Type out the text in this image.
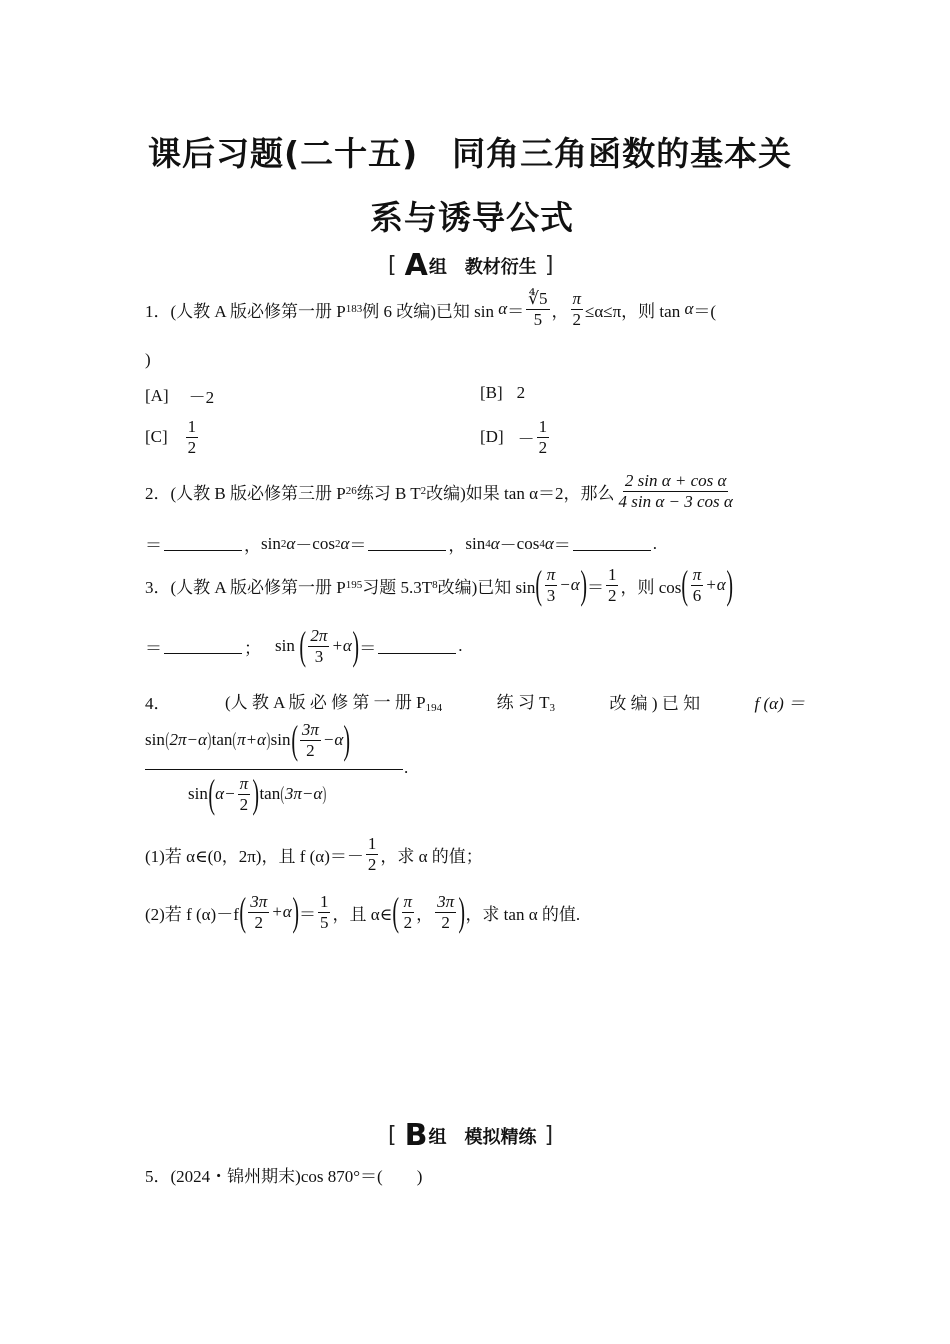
课后习题(二十五)　同角三角函数的基本关
系与诱导公式
[ A 组 教材衍生 ]
1． (人教 A 版必修第一册 P 183 例 6 改编)已知 sin
$\alpha = \frac{∜5}{5}$ ， $\frac{\pi}{2} \le\alpha\le\pi$，则 tan
α ＝(
)
[A] －2	[B] 2
$[C] \frac{1}{2}$	$[D] - \frac{1}{2}$
2． (人教 B 版必修第三册 P 26 练习 B T 2 改编)如果 tan α＝2，那么 $\frac{\text{2 sin α + cos α}}{\text{4 sin α − 3 cos α}}$
＝	， sin 2 α － cos 2 α ＝	， sin 4 α － cos 4 α ＝	.
3． (人教 A 版必修第一册 P 195 习题 5.3T 8 改编)已知 sin ( $\frac{\pi}{3} -\alpha$ ) ＝ $\frac{1}{2}$ ，则 cos ( $\frac{\pi}{6} +\alpha$ )
＝	； sin
( $\frac{2\pi}{3} +\alpha$ ) ＝	.
4．	(人 教 A 版 必 修 第 一 册 $P_{194}$	练 习 $T_3$	改 编 ) 已 知	f (α) ＝
sin ( 2π−α ) tan ( π+α ) sin ( $\frac{3\pi}{2} -\alpha$ )
.
sin ( $\alpha- \frac{\pi}{2}$ ) tan ( 3π−α )
(1)若 α∈(0，2π)，且 f $(\alpha)=- \frac{1}{2}$ ，求 α 的值；
(2)若 f (α)－f ( $\frac{3\pi}{2} +\alpha$ ) ＝ $\frac{1}{5}$ ，且 α∈ ( $\frac{\pi}{2}$ ， $\frac{3\pi}{2}$ ) ，求 tan α 的值.
[ B 组 模拟精练 ]
5．(2024・锦州期末)cos 870°＝(　　)
